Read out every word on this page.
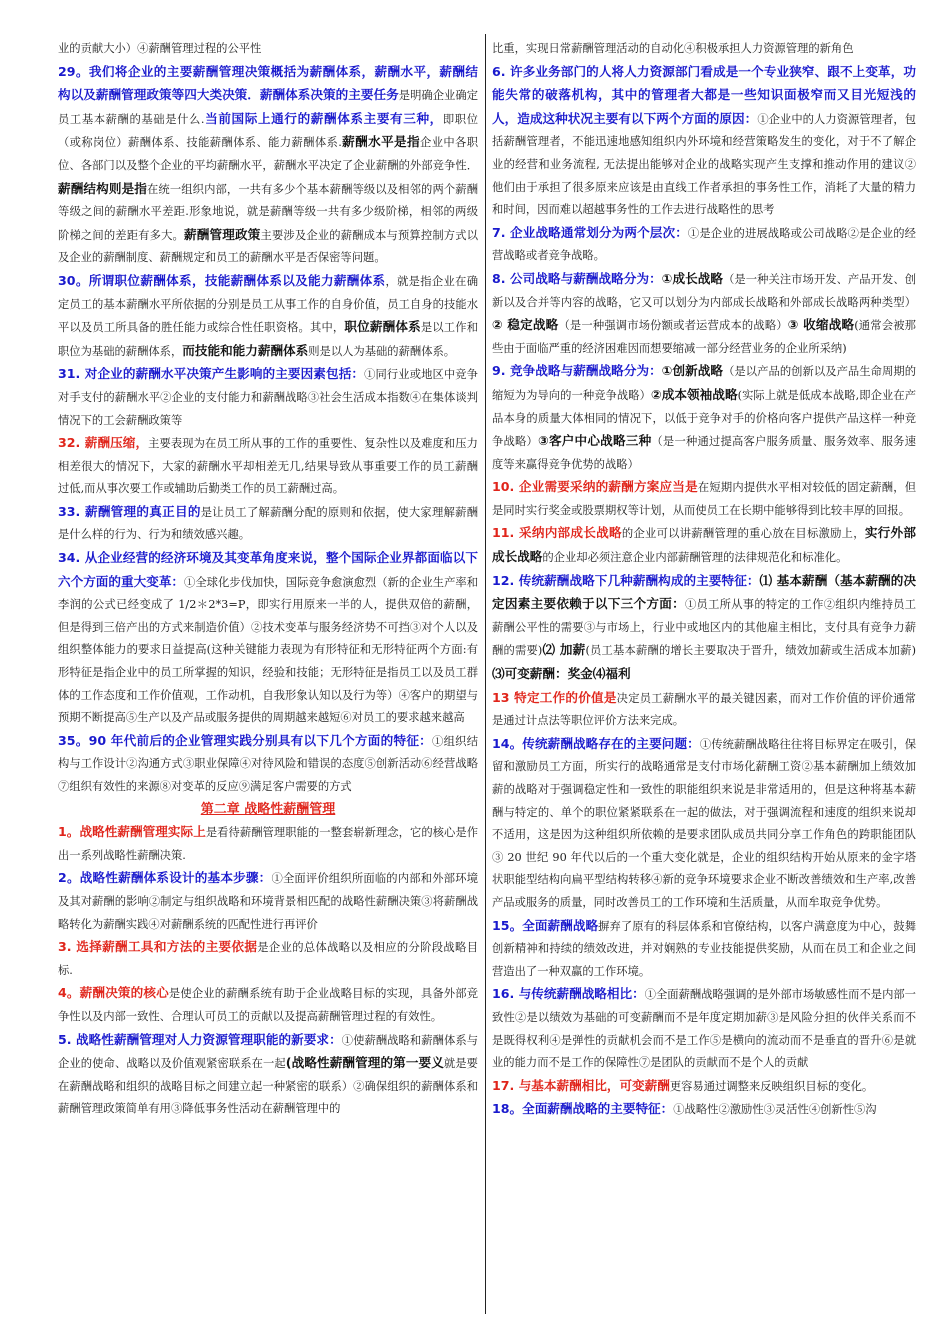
业的贡献大小）④薪酬管理过程的公平性
29。我们将企业的主要薪酬管理决策概括为薪酬体系，薪酬水平，薪酬结构以及薪酬管理政策等四大类决策．薪酬体系决策的主要任务是明确企业确定员工基本薪酬的基础是什么.当前国际上通行的薪酬体系主要有三种，即职位（或称岗位）薪酬体系、技能薪酬体系、能力薪酬体系.薪酬水平是指企业中各职位、各部门以及整个企业的平均薪酬水平，薪酬水平决定了企业薪酬的外部竞争性．薪酬结构则是指在统一组织内部，一共有多少个基本薪酬等级以及相邻的两个薪酬等级之间的薪酬水平差距.形象地说，就是薪酬等级一共有多少级阶梯，相邻的两级阶梯之间的差距有多大。薪酬管理政策主要涉及企业的薪酬成本与预算控制方式以及企业的薪酬制度、薪酬规定和员工的薪酬水平是否保密等问题。
30。所谓职位薪酬体系，技能薪酬体系以及能力薪酬体系，就是指企业在确定员工的基本薪酬水平所依据的分别是员工从事工作的自身价值，员工自身的技能水平以及员工所具备的胜任能力或综合性任职资格。其中，职位薪酬体系是以工作和职位为基础的薪酬体系，而技能和能力薪酬体系则是以人为基础的薪酬体系。
31. 对企业的薪酬水平决策产生影响的主要因素包括：①同行业或地区中竞争对手支付的薪酬水平②企业的支付能力和薪酬战略③社会生活成本指数④在集体谈判情况下的工会薪酬政策等
32. 薪酬压缩，主要表现为在员工所从事的工作的重要性、复杂性以及难度和压力相差很大的情况下，大家的薪酬水平却相差无几,结果导致从事重要工作的员工薪酬过低,而从事次要工作或辅助后勤类工作的员工薪酬过高。
33. 薪酬管理的真正目的是让员工了解薪酬分配的原则和依据，使大家理解薪酬是什么样的行为、行为和绩效感兴趣。
34. 从企业经营的经济环境及其变革角度来说，整个国际企业界都面临以下六个方面的重大变革：①全球化步伐加快，国际竞争愈演愈烈（新的企业生产率和李润的公式已经变成了 1/2＊2*3=P，即实行用原来一半的人，提供双倍的薪酬，但是得到三倍产出的方式来制造价值）②技术变革与服务经济势不可挡③对个人以及组织整体能力的要求日益提高(这种关键能力表现为有形特征和无形特征两个方面:有形特征是指企业中的员工所掌握的知识，经验和技能；无形特征是指员工以及员工群体的工作态度和工作价值观，工作动机，自我形象认知以及行为等）④客户的期望与预期不断提高⑤生产以及产品或服务提供的周期越来越短⑥对员工的要求越来越高
35。90 年代前后的企业管理实践分别具有以下几个方面的特征：①组织结构与工作设计②沟通方式③职业保障④对待风险和错误的态度⑤创新活动⑥经营战略⑦组织有效性的来源⑧对变革的反应⑨满足客户需要的方式
第二章 战略性薪酬管理
1。战略性薪酬管理实际上是看待薪酬管理职能的一整套崭新理念，它的核心是作出一系列战略性薪酬决策.
2。战略性薪酬体系设计的基本步骤：①全面评价组织所面临的内部和外部环境及其对薪酬的影响②制定与组织战略和环境背景相匹配的战略性薪酬决策③将薪酬战略转化为薪酬实践④对薪酬系统的匹配性进行再评价
3. 选择薪酬工具和方法的主要依据是企业的总体战略以及相应的分阶段战略目标.
4。薪酬决策的核心是使企业的薪酬系统有助于企业战略目标的实现，具备外部竞争性以及内部一致性、合理认可员工的贡献以及提高薪酬管理过程的有效性。
5. 战略性薪酬管理对人力资源管理职能的新要求：①使薪酬战略和薪酬体系与企业的使命、战略以及价值观紧密联系在一起(战略性薪酬管理的第一要义就是要在薪酬战略和组织的战略目标之间建立起一种紧密的联系）②确保组织的薪酬体系和薪酬管理政策简单有用③降低事务性活动在薪酬管理中的
比重，实现日常薪酬管理活动的自动化④积极承担人力资源管理的新角色
6. 许多业务部门的人将人力资源部门看成是一个专业狭窄、跟不上变革，功能失常的破落机构，其中的管理者大都是一些知识面极窄而又目光短浅的人，造成这种状况主要有以下两个方面的原因：①企业中的人力资源管理者，包括薪酬管理者，不能迅速地感知组织内外环境和经营策略发生的变化，对于不了解企业的经营和业务流程, 无法提出能够对企业的战略实现产生支撑和推动作用的建议②他们由于承担了很多原来应该是由直线工作者承担的事务性工作，消耗了大量的精力和时间，因而难以超越事务性的工作去进行战略性的思考
7. 企业战略通常划分为两个层次：①是企业的进展战略或公司战略②是企业的经营战略或者竞争战略。
8. 公司战略与薪酬战略分为：①成长战略（是一种关注市场开发、产品开发、创新以及合并等内容的战略，它又可以划分为内部成长战略和外部成长战略两种类型）② 稳定战略（是一种强调市场份额或者运营成本的战略）③ 收缩战略(通常会被那些由于面临严重的经济困难因而想要缩减一部分经营业务的企业所采纳)
9. 竞争战略与薪酬战略分为：①创新战略（是以产品的创新以及产品生命周期的缩短为为导向的一种竞争战略）②成本领袖战略(实际上就是低成本战略,即企业在产品本身的质量大体相同的情况下，以低于竞争对手的价格向客户提供产品这样一种竞争战略）③客户中心战略三种（是一种通过提高客户服务质量、服务效率、服务速度等来赢得竞争优势的战略）
10. 企业需要采纳的薪酬方案应当是在短期内提供水平相对较低的固定薪酬，但是同时实行奖金或股票期权等计划，从而使员工在长期中能够得到比较丰厚的回报。
11. 采纳内部成长战略的企业可以讲薪酬管理的重心放在目标激励上，实行外部成长战略的企业却必须注意企业内部薪酬管理的法律规范化和标准化。
12. 传统薪酬战略下几种薪酬构成的主要特征：⑴ 基本薪酬（基本薪酬的决定因素主要依赖于以下三个方面：①员工所从事的特定的工作②组织内维持员工薪酬公平性的需要③与市场上，行业中或地区内的其他雇主相比，支付具有竞争力薪酬的需要)⑵ 加薪(员工基本薪酬的增长主要取决于晋升，绩效加薪或生活成本加薪)⑶可变薪酬：奖金⑷福利
13 特定工作的价值是决定员工薪酬水平的最关键因素，而对工作价值的评价通常是通过计点法等职位评价方法来完成。
14。传统薪酬战略存在的主要问题：①传统薪酬战略往往将目标界定在吸引，保留和激励员工方面，所实行的战略通常是支付市场化薪酬工资②基本薪酬加上绩效加薪的战略对于强调稳定性和一致性的职能组织来说是非常适用的，但是这种将基本薪酬与特定的、单个的职位紧紧联系在一起的做法，对于强调流程和速度的组织来说却不适用，这是因为这种组织所依赖的是要求团队成员共同分享工作角色的跨职能团队③ 20 世纪 90 年代以后的一个重大变化就是，企业的组织结构开始从原来的金字塔状职能型结构向扁平型结构转移④新的竞争环境要求企业不断改善绩效和生产率,改善产品或服务的质量，同时改善员工的工作环境和生活质量，从而牟取竞争优势。
15。全面薪酬战略摒弃了原有的科层体系和官僚结构，以客户满意度为中心，鼓舞创新精神和持续的绩效改进，并对娴熟的专业技能提供奖励，从而在员工和企业之间营造出了一种双赢的工作环境。
16. 与传统薪酬战略相比：①全面薪酬战略强调的是外部市场敏感性而不是内部一致性②是以绩效为基础的可变薪酬而不是年度定期加薪③是风险分担的伙伴关系而不是既得权利④是弹性的贡献机会而不是工作⑤是横向的流动而不是垂直的晋升⑥是就业的能力而不是工作的保障性⑦是团队的贡献而不是个人的贡献
17. 与基本薪酬相比，可变薪酬更容易通过调整来反映组织目标的变化。
18。全面薪酬战略的主要特征：①战略性②激励性③灵活性④创新性⑤沟
